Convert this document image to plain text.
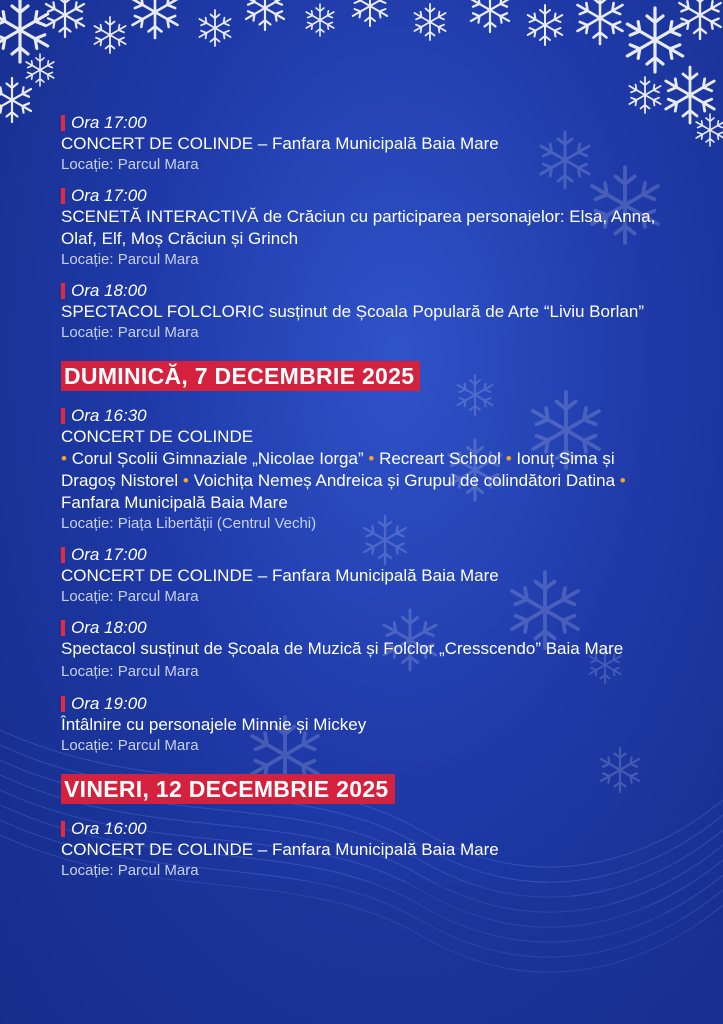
Ora 17:00
CONCERT DE COLINDE – Fanfara Municipală Baia Mare
Locație: Parcul Mara
Ora 17:00
SCENETĂ INTERACTIVĂ de Crăciun cu participarea personajelor: Elsa, Anna, Olaf, Elf, Moș Crăciun și Grinch
Locație: Parcul Mara
Ora 18:00
SPECTACOL FOLCLORIC susținut de Școala Populară de Arte “Liviu Borlan”
Locație: Parcul Mara
DUMINICĂ, 7 DECEMBRIE 2025
Ora 16:30
CONCERT DE COLINDE
• Corul Școlii Gimnaziale „Nicolae Iorga” • Recreart School • Ionuț Sima și Dragoș Nistorel • Voichița Nemeș Andreica și Grupul de colindători Datina • Fanfara Municipală Baia Mare
Locație: Piața Libertății (Centrul Vechi)
Ora 17:00
CONCERT DE COLINDE – Fanfara Municipală Baia Mare
Locație: Parcul Mara
Ora 18:00
Spectacol susținut de Școala de Muzică și Folclor „Cresscendo” Baia Mare Locație: Parcul Mara
Ora 19:00
Întâlnire cu personajele Minnie și Mickey
Locație: Parcul Mara
VINERI, 12 DECEMBRIE 2025
Ora 16:00
CONCERT DE COLINDE – Fanfara Municipală Baia Mare
Locație: Parcul Mara
